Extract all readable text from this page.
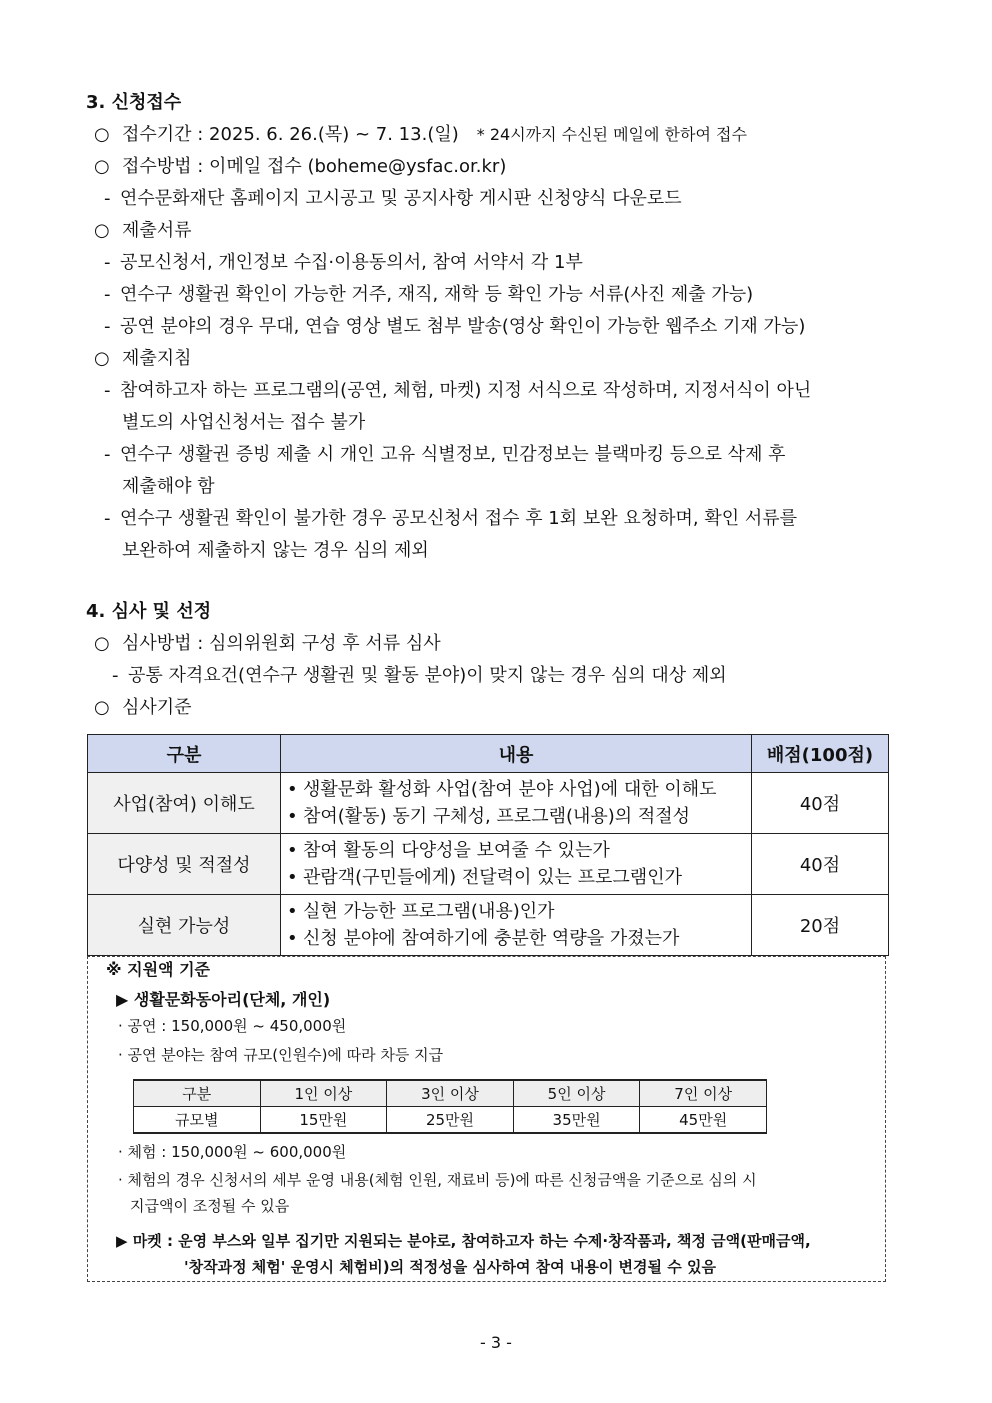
3. 신청접수
○ 접수기간 : 2025. 6. 26.(목) ~ 7. 13.(일) * 24시까지 수신된 메일에 한하여 접수
○ 접수방법 : 이메일 접수 (boheme@ysfac.or.kr)
- 연수문화재단 홈페이지 고시공고 및 공지사항 게시판 신청양식 다운로드
○ 제출서류
- 공모신청서, 개인정보 수집·이용동의서, 참여 서약서 각 1부
- 연수구 생활권 확인이 가능한 거주, 재직, 재학 등 확인 가능 서류(사진 제출 가능)
- 공연 분야의 경우 무대, 연습 영상 별도 첨부 발송(영상 확인이 가능한 웹주소 기재 가능)
○ 제출지침
- 참여하고자 하는 프로그램의(공연, 체험, 마켓) 지정 서식으로 작성하며, 지정서식이 아닌
별도의 사업신청서는 접수 불가
- 연수구 생활권 증빙 제출 시 개인 고유 식별정보, 민감정보는 블랙마킹 등으로 삭제 후
제출해야 함
- 연수구 생활권 확인이 불가한 경우 공모신청서 접수 후 1회 보완 요청하며, 확인 서류를
보완하여 제출하지 않는 경우 심의 제외
4. 심사 및 선정
○ 심사방법 : 심의위원회 구성 후 서류 심사
- 공통 자격요건(연수구 생활권 및 활동 분야)이 맞지 않는 경우 심의 대상 제외
○ 심사기준
구분	내용	배점(100점)
사업(참여) 이해도	• 생활문화 활성화 사업(참여 분야 사업)에 대한 이해도
• 참여(활동) 동기 구체성, 프로그램(내용)의 적절성	40점
다양성 및 적절성	• 참여 활동의 다양성을 보여줄 수 있는가
• 관람객(구민들에게) 전달력이 있는 프로그램인가	40점
실현 가능성	• 실현 가능한 프로그램(내용)인가
• 신청 분야에 참여하기에 충분한 역량을 가졌는가	20점
※ 지원액 기준
▶ 생활문화동아리(단체, 개인)
· 공연 : 150,000원 ~ 450,000원
· 공연 분야는 참여 규모(인원수)에 따라 차등 지급
구분	1인 이상	3인 이상	5인 이상	7인 이상
규모별	15만원	25만원	35만원	45만원
· 체험 : 150,000원 ~ 600,000원
· 체험의 경우 신청서의 세부 운영 내용(체험 인원, 재료비 등)에 따른 신청금액을 기준으로 심의 시
지급액이 조정될 수 있음
▶ 마켓 : 운영 부스와 일부 집기만 지원되는 분야로, 참여하고자 하는 수제·창작품과, 책정 금액(판매금액,
'창작과정 체험' 운영시 체험비)의 적정성을 심사하여 참여 내용이 변경될 수 있음
- 3 -
